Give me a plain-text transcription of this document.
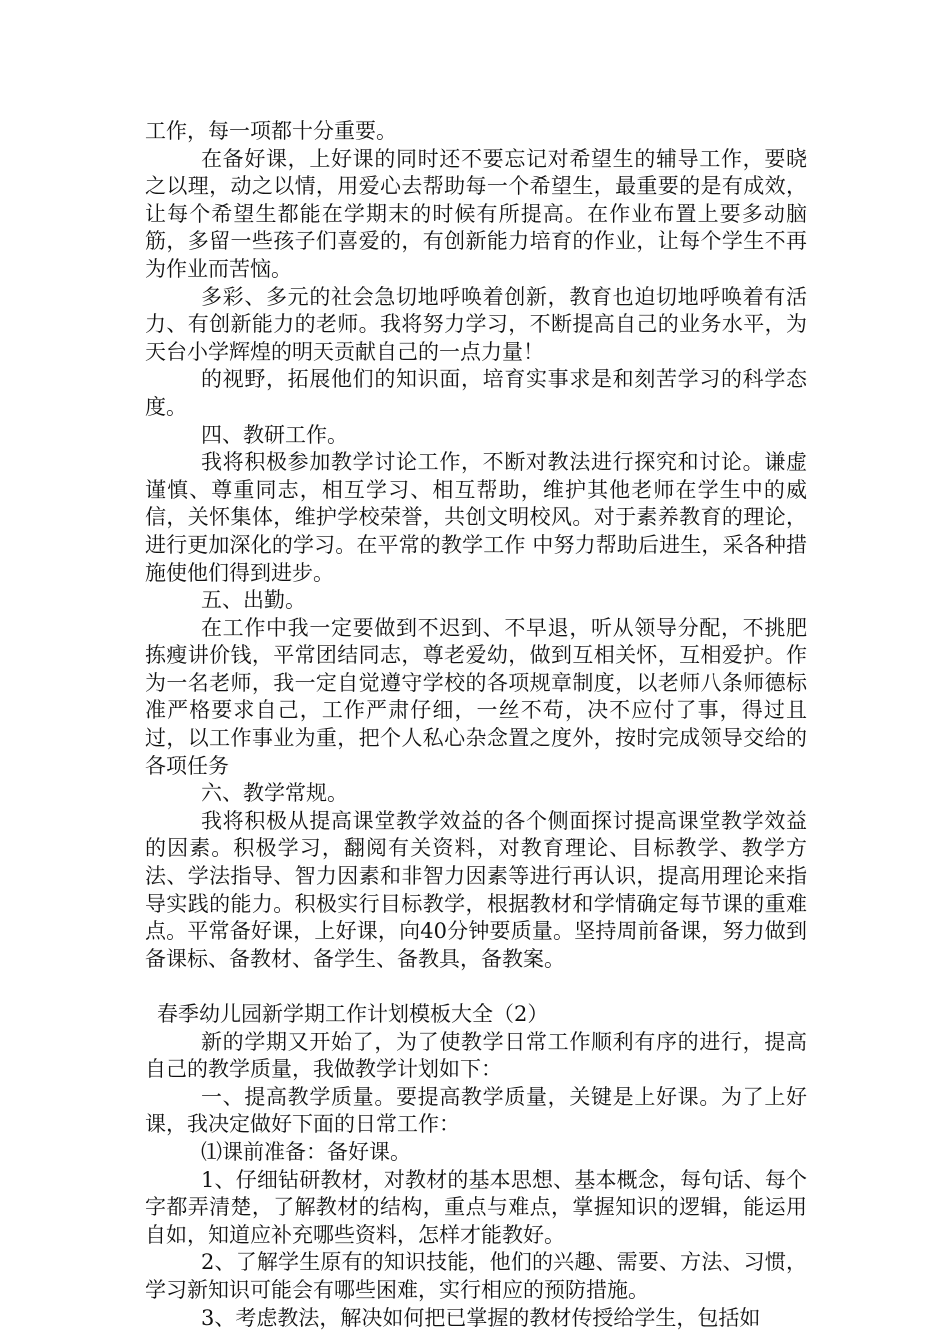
工作，每一项都十分重要。

在备好课，上好课的同时还不要忘记对希望生的辅导工作，要晓之以理，动之以情，用爱心去帮助每一个希望生，最重要的是有成效，让每个希望生都能在学期末的时候有所提高。在作业布置上要多动脑筋，多留一些孩子们喜爱的，有创新能力培育的作业，让每个学生不再为作业而苦恼。

多彩、多元的社会急切地呼唤着创新，教育也迫切地呼唤着有活力、有创新能力的老师。我将努力学习，不断提高自己的业务水平，为天台小学辉煌的明天贡献自己的一点力量！

的视野，拓展他们的知识面，培育实事求是和刻苦学习的科学态度。

四、教研工作。

我将积极参加教学讨论工作，不断对教法进行探究和讨论。谦虚谨慎、尊重同志，相互学习、相互帮助，维护其他老师在学生中的威信，关怀集体，维护学校荣誉，共创文明校风。对于素养教育的理论，进行更加深化的学习。在平常的教学工作 中努力帮助后进生，采各种措施使他们得到进步。

五、出勤。

在工作中我一定要做到不迟到、不早退，听从领导分配，不挑肥拣瘦讲价钱，平常团结同志，尊老爱幼，做到互相关怀，互相爱护。作为一名老师，我一定自觉遵守学校的各项规章制度，以老师八条师德标准严格要求自己，工作严肃仔细，一丝不苟，决不应付了事，得过且过，以工作事业为重，把个人私心杂念置之度外，按时完成领导交给的各项任务

六、教学常规。

我将积极从提高课堂教学效益的各个侧面探讨提高课堂教学效益的因素。积极学习，翻阅有关资料，对教育理论、目标教学、教学方法、学法指导、智力因素和非智力因素等进行再认识，提高用理论来指导实践的能力。积极实行目标教学，根据教材和学情确定每节课的重难点。平常备好课，上好课，向40分钟要质量。坚持周前备课，努力做到备课标、备教材、备学生、备教具，备教案。

春季幼儿园新学期工作计划模板大全（2）

新的学期又开始了，为了使教学日常工作顺利有序的进行，提高自己的教学质量，我做教学计划如下：

一、提高教学质量。要提高教学质量，关键是上好课。为了上好课，我决定做好下面的日常工作：

⑴课前准备：备好课。

1、仔细钻研教材，对教材的基本思想、基本概念，每句话、每个字都弄清楚，了解教材的结构，重点与难点，掌握知识的逻辑，能运用自如，知道应补充哪些资料，怎样才能教好。

2、了解学生原有的知识技能，他们的兴趣、需要、方法、习惯，学习新知识可能会有哪些困难，实行相应的预防措施。

3、考虑教法，解决如何把已掌握的教材传授给学生，包括如
